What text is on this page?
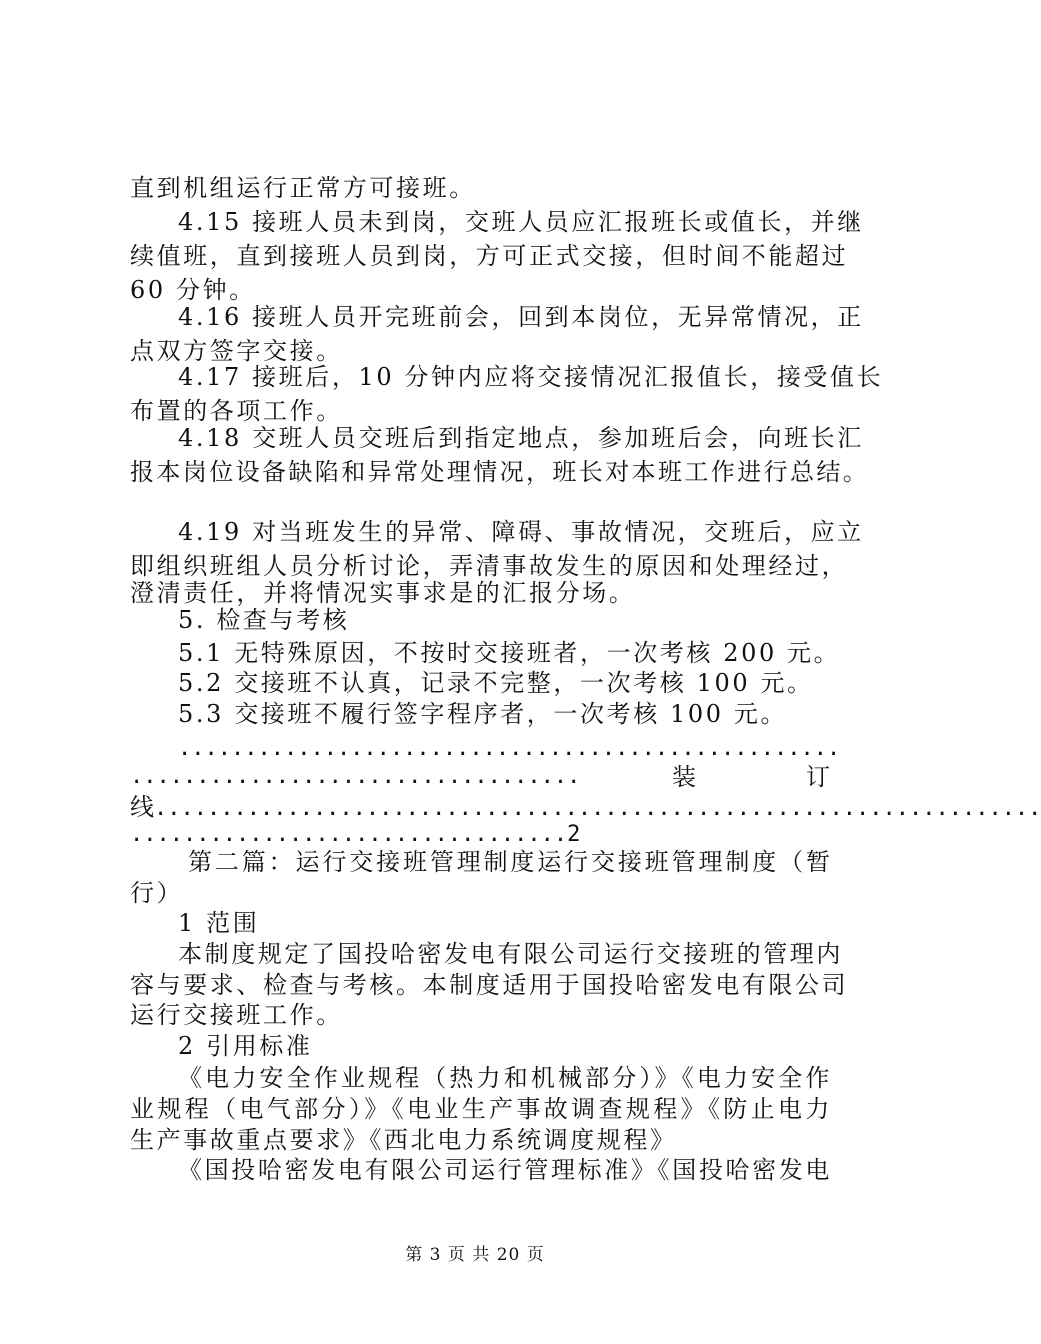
直到机组运行正常方可接班。

4.15 接班人员未到岗，交班人员应汇报班长或值长，并继

续值班，直到接班人员到岗，方可正式交接，但时间不能超过

60 分钟。

4.16 接班人员开完班前会，回到本岗位，无异常情况，正

点双方签字交接。

4.17 接班后，10 分钟内应将交接情况汇报值长，接受值长

布置的各项工作。

4.18 交班人员交班后到指定地点，参加班后会，向班长汇

报本岗位设备缺陷和异常处理情况，班长对本班工作进行总结。

4.19 对当班发生的异常、障碍、事故情况，交班后，应立

即组织班组人员分析讨论，弄清事故发生的原因和处理经过，

澄清责任，并将情况实事求是的汇报分场。

5. 检查与考核

5.1 无特殊原因，不按时交接班者，一次考核 200 元。

5.2 交接班不认真，记录不完整，一次考核 100 元。

5.3 交接班不履行签字程序者，一次考核 100 元。

..................................................

..................................	装	订
线...................................................................

.................................2

第二篇：运行交接班管理制度运行交接班管理制度（暂

行）

1 范围

本制度规定了国投哈密发电有限公司运行交接班的管理内

容与要求、检查与考核。本制度适用于国投哈密发电有限公司

运行交接班工作。

2 引用标准

《电力安全作业规程（热力和机械部分）》《电力安全作

业规程（电气部分）》《电业生产事故调查规程》《防止电力

生产事故重点要求》《西北电力系统调度规程》

《国投哈密发电有限公司运行管理标准》《国投哈密发电

第 3 页 共 20 页
